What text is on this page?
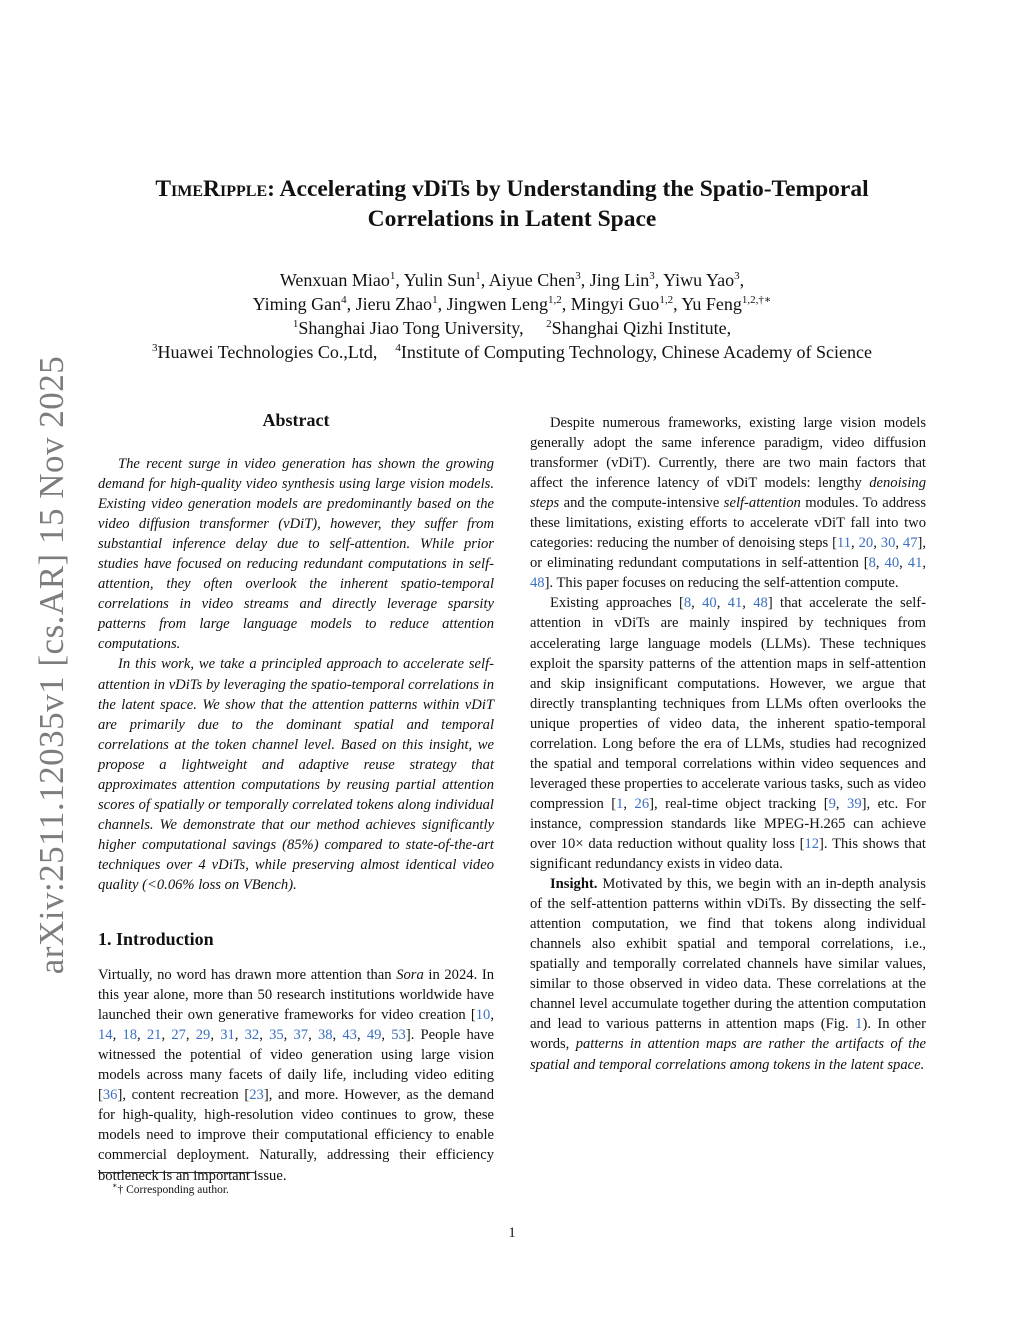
arXiv:2511.12035v1 [cs.AR] 15 Nov 2025
TimeRipple: Accelerating vDiTs by Understanding the Spatio-Temporal
Correlations in Latent Space
Wenxuan Miao$^1$, Yulin Sun$^1$, Aiyue Chen$^3$, Jing Lin$^3$, Yiwu Yao$^3$,
Yiming Gan$^4$, Jieru Zhao$^1$, Jingwen Leng$^{1,2}$, Mingyi Guo$^{1,2}$, Yu Feng$^{1,2,\dagger∗}$
$^1$Shanghai Jiao Tong University, $^2$Shanghai Qizhi Institute,
$^3$Huawei Technologies Co.,Ltd, $^4$Institute of Computing Technology, Chinese Academy of Science
Abstract

The recent surge in video generation has shown the growing demand for high-quality video synthesis using large vision models. Existing video generation models are predominantly based on the video diffusion transformer (vDiT), however, they suffer from substantial inference delay due to self-attention. While prior studies have focused on reducing redundant computations in self-attention, they often overlook the inherent spatio-temporal correlations in video streams and directly leverage sparsity patterns from large language models to reduce attention computations.

In this work, we take a principled approach to accelerate self-attention in vDiTs by leveraging the spatio-temporal correlations in the latent space. We show that the attention patterns within vDiT are primarily due to the dominant spatial and temporal correlations at the token channel level. Based on this insight, we propose a lightweight and adaptive reuse strategy that approximates attention computations by reusing partial attention scores of spatially or temporally correlated tokens along individual channels. We demonstrate that our method achieves significantly higher computational savings (85%) compared to state-of-the-art techniques over 4 vDiTs, while preserving almost identical video quality (<0.06% loss on VBench).

1. Introduction

Virtually, no word has drawn more attention than Sora in 2024. In this year alone, more than 50 research institutions worldwide have launched their own generative frameworks for video creation [10, 14, 18, 21, 27, 29, 31, 32, 35, 37, 38, 43, 49, 53]. People have witnessed the potential of video generation using large vision models across many facets of daily life, including video editing [36], content recreation [23], and more. However, as the demand for high-quality, high-resolution video continues to grow, these models need to improve their computational efficiency to enable commercial deployment. Naturally, addressing their efficiency bottleneck is an important issue.

Despite numerous frameworks, existing large vision models generally adopt the same inference paradigm, video diffusion transformer (vDiT). Currently, there are two main factors that affect the inference latency of vDiT models: lengthy denoising steps and the compute-intensive self-attention modules. To address these limitations, existing efforts to accelerate vDiT fall into two categories: reducing the number of denoising steps [11, 20, 30, 47], or eliminating redundant computations in self-attention [8, 40, 41, 48]. This paper focuses on reducing the self-attention compute.

Existing approaches [8, 40, 41, 48] that accelerate the self-attention in vDiTs are mainly inspired by techniques from accelerating large language models (LLMs). These techniques exploit the sparsity patterns of the attention maps in self-attention and skip insignificant computations. However, we argue that directly transplanting techniques from LLMs often overlooks the unique properties of video data, the inherent spatio-temporal correlation. Long before the era of LLMs, studies had recognized the spatial and temporal correlations within video sequences and leveraged these properties to accelerate various tasks, such as video compression [1, 26], real-time object tracking [9, 39], etc. For instance, compression standards like MPEG-H.265 can achieve over 10× data reduction without quality loss [12]. This shows that significant redundancy exists in video data.

Insight. Motivated by this, we begin with an in-depth analysis of the self-attention patterns within vDiTs. By dissecting the self-attention computation, we find that tokens along individual channels also exhibit spatial and temporal correlations, i.e., spatially and temporally correlated channels have similar values, similar to those observed in video data. These correlations at the channel level accumulate together during the attention computation and lead to various patterns in attention maps (Fig. 1). In other words, patterns in attention maps are rather the artifacts of the spatial and temporal correlations among tokens in the latent space.

∗† Corresponding author.
1
